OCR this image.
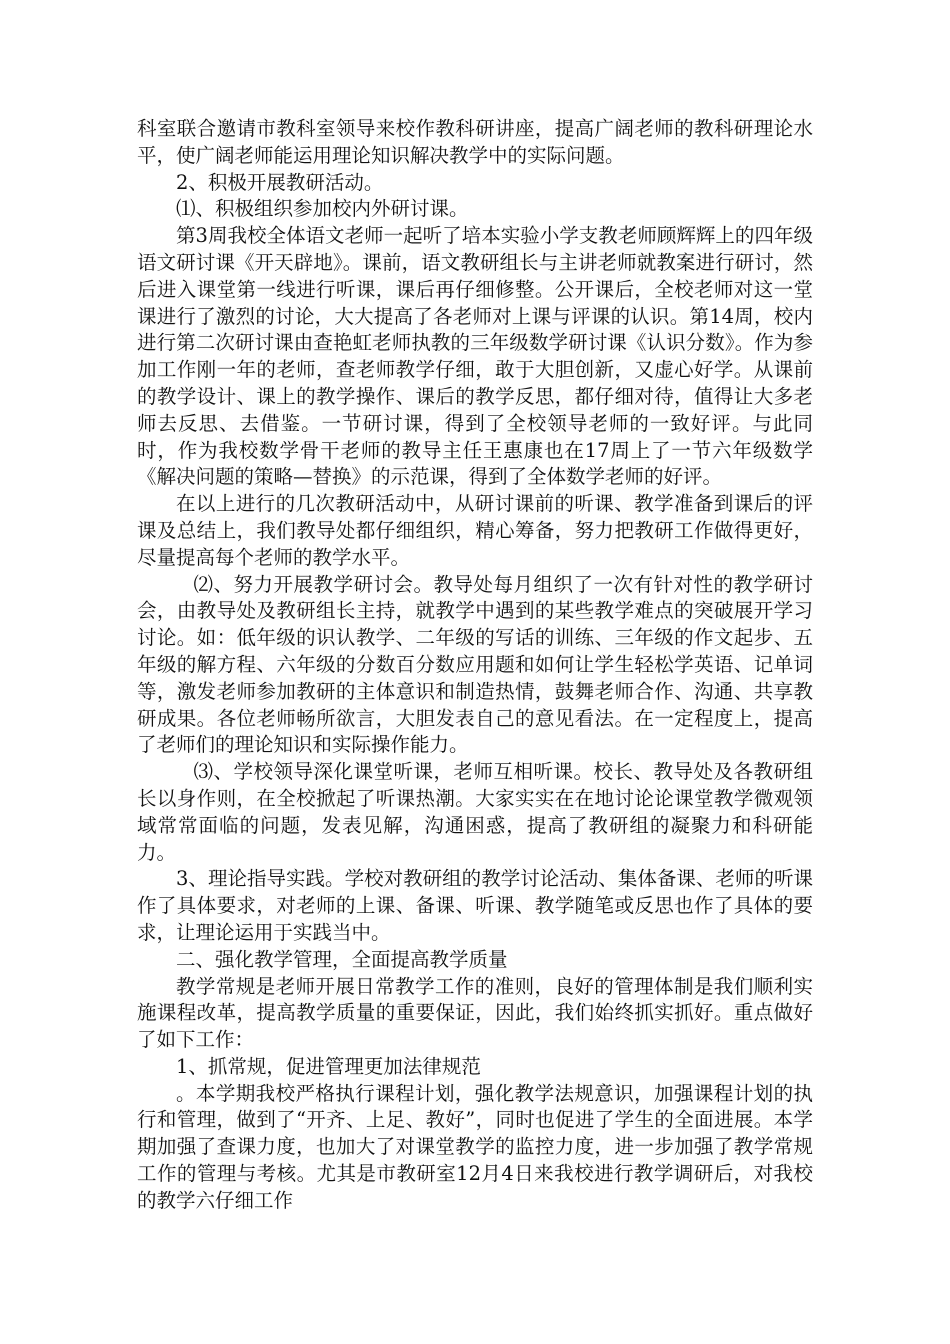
科室联合邀请市教科室领导来校作教科研讲座，提高广阔老师的教科研理论水平，使广阔老师能运用理论知识解决教学中的实际问题。

2、积极开展教研活动。

⑴、积极组织参加校内外研讨课。

第3周我校全体语文老师一起听了培本实验小学支教老师顾辉辉上的四年级语文研讨课《开天辟地》。课前，语文教研组长与主讲老师就教案进行研讨，然后进入课堂第一线进行听课，课后再仔细修整。公开课后，全校老师对这一堂课进行了激烈的讨论，大大提高了各老师对上课与评课的认识。第14周，校内进行第二次研讨课由查艳虹老师执教的三年级数学研讨课《认识分数》。作为参加工作刚一年的老师，查老师教学仔细，敢于大胆创新，又虚心好学。从课前的教学设计、课上的教学操作、课后的教学反思，都仔细对待，值得让大多老师去反思、去借鉴。一节研讨课，得到了全校领导老师的一致好评。与此同时，作为我校数学骨干老师的教导主任王惠康也在17周上了一节六年级数学《解决问题的策略—替换》的示范课，得到了全体数学老师的好评。

在以上进行的几次教研活动中，从研讨课前的听课、教学准备到课后的评课及总结上，我们教导处都仔细组织，精心筹备，努力把教研工作做得更好，尽量提高每个老师的教学水平。

⑵、努力开展教学研讨会。教导处每月组织了一次有针对性的教学研讨会，由教导处及教研组长主持，就教学中遇到的某些教学难点的突破展开学习讨论。如：低年级的识认教学、二年级的写话的训练、三年级的作文起步、五年级的解方程、六年级的分数百分数应用题和如何让学生轻松学英语、记单词等，激发老师参加教研的主体意识和制造热情，鼓舞老师合作、沟通、共享教研成果。各位老师畅所欲言，大胆发表自己的意见看法。在一定程度上，提高了老师们的理论知识和实际操作能力。

⑶、学校领导深化课堂听课，老师互相听课。校长、教导处及各教研组长以身作则，在全校掀起了听课热潮。大家实实在在地讨论论课堂教学微观领域常常面临的问题，发表见解，沟通困惑，提高了教研组的凝聚力和科研能力。

3、理论指导实践。学校对教研组的教学讨论活动、集体备课、老师的听课作了具体要求，对老师的上课、备课、听课、教学随笔或反思也作了具体的要求，让理论运用于实践当中。

二、强化教学管理，全面提高教学质量

教学常规是老师开展日常教学工作的准则，良好的管理体制是我们顺利实施课程改革，提高教学质量的重要保证，因此，我们始终抓实抓好。重点做好了如下工作：

1、抓常规，促进管理更加法律规范

。本学期我校严格执行课程计划，强化教学法规意识，加强课程计划的执行和管理，做到了“开齐、上足、教好”，同时也促进了学生的全面进展。本学期加强了查课力度，也加大了对课堂教学的监控力度，进一步加强了教学常规工作的管理与考核。尤其是市教研室12月4日来我校进行教学调研后，对我校的教学六仔细工作
